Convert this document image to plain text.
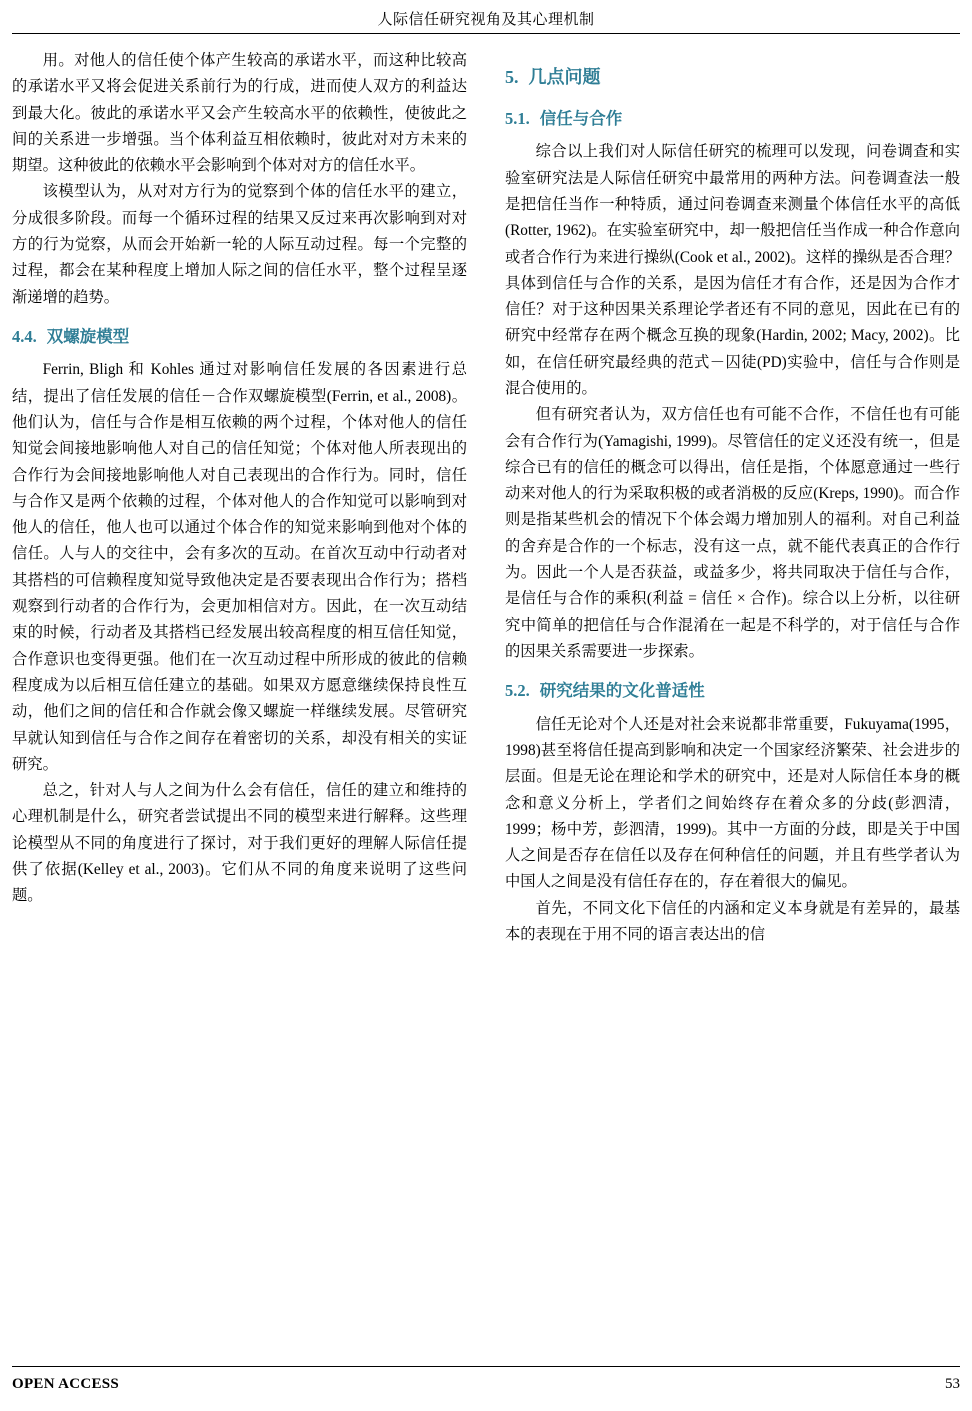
人际信任研究视角及其心理机制

用。对他人的信任使个体产生较高的承诺水平，而这种比较高的承诺水平又将会促进关系前行为的行成，进而使人双方的利益达到最大化。彼此的承诺水平又会产生较高水平的依赖性，使彼此之间的关系进一步增强。当个体利益互相依赖时，彼此对对方未来的期望。这种彼此的依赖水平会影响到个体对对方的信任水平。

该模型认为，从对对方行为的觉察到个体的信任水平的建立，分成很多阶段。而每一个循环过程的结果又反过来再次影响到对对方的行为觉察，从而会开始新一轮的人际互动过程。每一个完整的过程，都会在某种程度上增加人际之间的信任水平，整个过程呈逐渐递增的趋势。

4.4. 双螺旋模型

Ferrin, Bligh 和 Kohles 通过对影响信任发展的各因素进行总结，提出了信任发展的信任－合作双螺旋模型(Ferrin, et al., 2008)。他们认为，信任与合作是相互依赖的两个过程，个体对他人的信任知觉会间接地影响他人对自己的信任知觉；个体对他人所表现出的合作行为会间接地影响他人对自己表现出的合作行为。同时，信任与合作又是两个依赖的过程，个体对他人的合作知觉可以影响到对他人的信任，他人也可以通过个体合作的知觉来影响到他对个体的信任。人与人的交往中，会有多次的互动。在首次互动中行动者对其搭档的可信赖程度知觉导致他决定是否要表现出合作行为；搭档观察到行动者的合作行为，会更加相信对方。因此，在一次互动结束的时候，行动者及其搭档已经发展出较高程度的相互信任知觉，合作意识也变得更强。他们在一次互动过程中所形成的彼此的信赖程度成为以后相互信任建立的基础。如果双方愿意继续保持良性互动，他们之间的信任和合作就会像又螺旋一样继续发展。尽管研究早就认知到信任与合作之间存在着密切的关系，却没有相关的实证研究。

总之，针对人与人之间为什么会有信任，信任的建立和维持的心理机制是什么，研究者尝试提出不同的模型来进行解释。这些理论模型从不同的角度进行了探讨，对于我们更好的理解人际信任提供了依据(Kelley et al., 2003)。它们从不同的角度来说明了这些问题。

5. 几点问题
5.1. 信任与合作

综合以上我们对人际信任研究的梳理可以发现，问卷调查和实验室研究法是人际信任研究中最常用的两种方法。问卷调查法一般是把信任当作一种特质，通过问卷调查来测量个体信任水平的高低(Rotter, 1962)。在实验室研究中，却一般把信任当作成一种合作意向或者合作行为来进行操纵(Cook et al., 2002)。这样的操纵是否合理？具体到信任与合作的关系，是因为信任才有合作，还是因为合作才信任？对于这种因果关系理论学者还有不同的意见，因此在已有的研究中经常存在两个概念互换的现象(Hardin, 2002; Macy, 2002)。比如，在信任研究最经典的范式－囚徒(PD)实验中，信任与合作则是混合使用的。

但有研究者认为，双方信任也有可能不合作，不信任也有可能会有合作行为(Yamagishi, 1999)。尽管信任的定义还没有统一，但是综合已有的信任的概念可以得出，信任是指，个体愿意通过一些行动来对他人的行为采取积极的或者消极的反应(Kreps, 1990)。而合作则是指某些机会的情况下个体会竭力增加别人的福利。对自己利益的舍弃是合作的一个标志，没有这一点，就不能代表真正的合作行为。因此一个人是否获益，或益多少，将共同取决于信任与合作，是信任与合作的乘积(利益 = 信任 × 合作)。综合以上分析，以往研究中简单的把信任与合作混淆在一起是不科学的，对于信任与合作的因果关系需要进一步探索。

5.2. 研究结果的文化普适性

信任无论对个人还是对社会来说都非常重要，Fukuyama(1995，1998)甚至将信任提高到影响和决定一个国家经济繁荣、社会进步的层面。但是无论在理论和学术的研究中，还是对人际信任本身的概念和意义分析上，学者们之间始终存在着众多的分歧(彭泗清，1999；杨中芳，彭泗清，1999)。其中一方面的分歧，即是关于中国人之间是否存在信任以及存在何种信任的问题，并且有些学者认为中国人之间是没有信任存在的，存在着很大的偏见。

首先，不同文化下信任的内涵和定义本身就是有差异的，最基本的表现在于用不同的语言表达出的信

OPEN ACCESS	53
